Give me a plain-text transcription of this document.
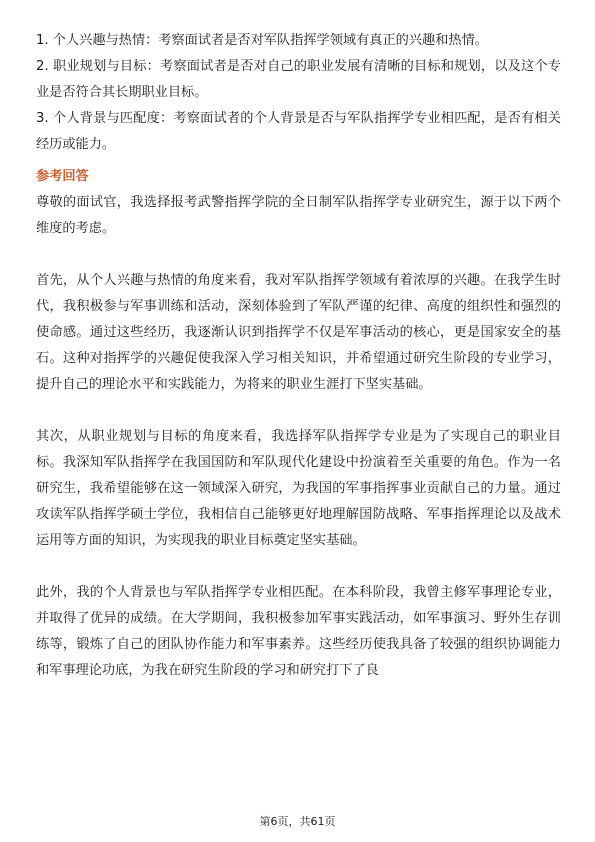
1. 个人兴趣与热情：考察面试者是否对军队指挥学领域有真正的兴趣和热情。

2. 职业规划与目标：考察面试者是否对自己的职业发展有清晰的目标和规划，以及这个专业是否符合其长期职业目标。

3. 个人背景与匹配度：考察面试者的个人背景是否与军队指挥学专业相匹配，是否有相关经历或能力。

参考回答

尊敬的面试官，我选择报考武警指挥学院的全日制军队指挥学专业研究生，源于以下两个维度的考虑。

首先，从个人兴趣与热情的角度来看，我对军队指挥学领域有着浓厚的兴趣。在我学生时代，我积极参与军事训练和活动，深刻体验到了军队严谨的纪律、高度的组织性和强烈的使命感。通过这些经历，我逐渐认识到指挥学不仅是军事活动的核心，更是国家安全的基石。这种对指挥学的兴趣促使我深入学习相关知识，并希望通过研究生阶段的专业学习，提升自己的理论水平和实践能力，为将来的职业生涯打下坚实基础。

其次，从职业规划与目标的角度来看，我选择军队指挥学专业是为了实现自己的职业目标。我深知军队指挥学在我国国防和军队现代化建设中扮演着至关重要的角色。作为一名研究生，我希望能够在这一领域深入研究，为我国的军事指挥事业贡献自己的力量。通过攻读军队指挥学硕士学位，我相信自己能够更好地理解国防战略、军事指挥理论以及战术运用等方面的知识，为实现我的职业目标奠定坚实基础。

此外，我的个人背景也与军队指挥学专业相匹配。在本科阶段，我曾主修军事理论专业，并取得了优异的成绩。在大学期间，我积极参加军事实践活动，如军事演习、野外生存训练等，锻炼了自己的团队协作能力和军事素养。这些经历使我具备了较强的组织协调能力和军事理论功底，为我在研究生阶段的学习和研究打下了良

第6页，共61页
